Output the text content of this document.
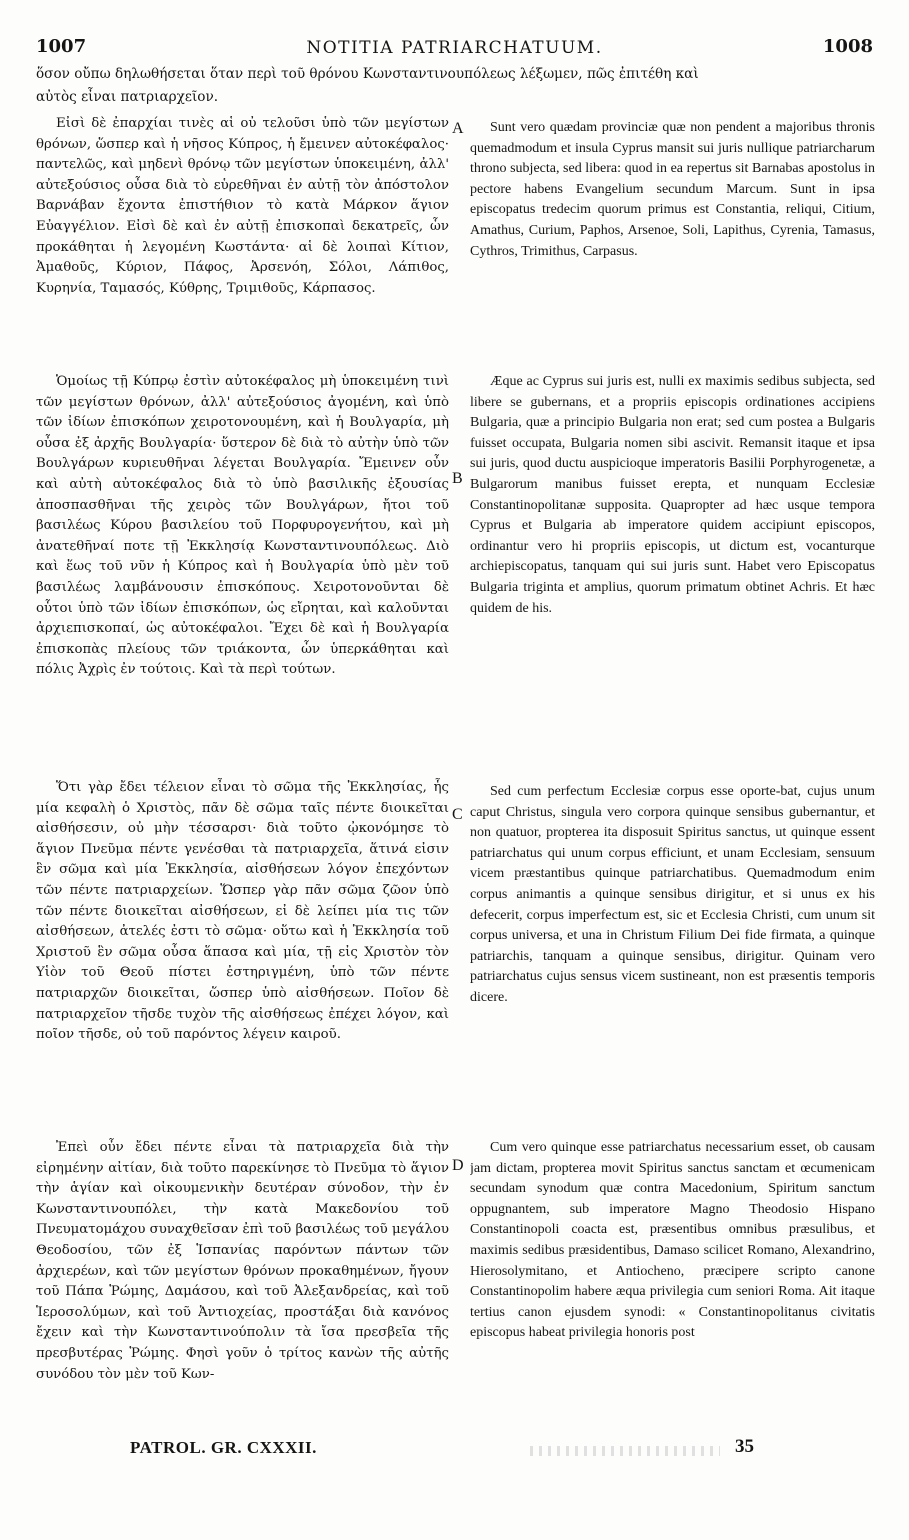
1007	NOTITIA PATRIARCHATUUM.	1008
ὅσον οὔπω δηλωθήσεται ὅταν περὶ τοῦ θρόνου Κωνσταντινουπόλεως λέξωμεν, πῶς ἐπιτέθη καὶ
αὐτὸς εἶναι πατριαρχεῖον.

Εἰσὶ δὲ ἐπαρχίαι τινὲς αἱ οὐ τελοῦσι ὑπὸ τῶν μεγίστων θρόνων, ὥσπερ καὶ ἡ νῆσος Κύπρος, ἡ ἔμεινεν αὐτοκέφαλος· παντελῶς, καὶ μηδενὶ θρόνῳ τῶν μεγίστων ὑποκειμένη, ἀλλ' αὐτεξούσιος οὖσα διὰ τὸ εὑρεθῆναι ἐν αὐτῇ τὸν ἀπόστολον Βαρνάβαν ἔχοντα ἐπιστήθιον τὸ κατὰ Μάρκον ἅγιον Εὐαγγέλιον. Εἰσὶ δὲ καὶ ἐν αὐτῇ ἐπισκοπαὶ δεκατρεῖς, ὧν προκάθηται ἡ λεγομένη Κωστάντα· αἱ δὲ λοιπαὶ Κίτιον, Ἀμαθοῦς, Κύριον, Πάφος, Ἀρσενόη, Σόλοι, Λάπιθος, Κυρηνία, Ταμασός, Κύθρης, Τριμιθοῦς, Κάρπασος.

Ὁμοίως τῇ Κύπρῳ ἐστὶν αὐτοκέφαλος μὴ ὑποκειμένη τινὶ τῶν μεγίστων θρόνων, ἀλλ' αὐτεξούσιος ἀγομένη, καὶ ὑπὸ τῶν ἰδίων ἐπισκόπων χειροτονουμένη, καὶ ἡ Βουλγαρία, μὴ οὖσα ἐξ ἀρχῆς Βουλγαρία· ὕστερον δὲ διὰ τὸ αὐτὴν ὑπὸ τῶν Βουλγάρων κυριευθῆναι λέγεται Βουλγαρία. Ἔμεινεν οὖν καὶ αὐτὴ αὐτοκέφαλος διὰ τὸ ὑπὸ βασιλικῆς ἐξουσίας ἀποσπασθῆναι τῆς χειρὸς τῶν Βουλγάρων, ἤτοι τοῦ βασιλέως Κύρου βασιλείου τοῦ Πορφυρογενήτου, καὶ μὴ ἀνατεθῆναί ποτε τῇ Ἐκκλησίᾳ Κωνσταντινουπόλεως. Διὸ καὶ ἕως τοῦ νῦν ἡ Κύπρος καὶ ἡ Βουλγαρία ὑπὸ μὲν τοῦ βασιλέως λαμβάνουσιν ἐπισκόπους. Χειροτονοῦνται δὲ οὗτοι ὑπὸ τῶν ἰδίων ἐπισκόπων, ὡς εἴρηται, καὶ καλοῦνται ἀρχιεπισκοπαί, ὡς αὐτοκέφαλοι. Ἔχει δὲ καὶ ἡ Βουλγαρία ἐπισκοπὰς πλείους τῶν τριάκοντα, ὧν ὑπερκάθηται καὶ πόλις Ἀχρὶς ἐν τούτοις. Καὶ τὰ περὶ τούτων.

Ὅτι γὰρ ἔδει τέλειον εἶναι τὸ σῶμα τῆς Ἐκκλησίας, ἧς μία κεφαλὴ ὁ Χριστὸς, πᾶν δὲ σῶμα ταῖς πέντε διοικεῖται αἰσθήσεσιν, οὐ μὴν τέσσαρσι· διὰ τοῦτο ᾠκονόμησε τὸ ἅγιον Πνεῦμα πέντε γενέσθαι τὰ πατριαρχεῖα, ἅτινά εἰσιν ἓν σῶμα καὶ μία Ἐκκλησία, αἰσθήσεων λόγον ἐπεχόντων τῶν πέντε πατριαρχείων. Ὥσπερ γὰρ πᾶν σῶμα ζῶον ὑπὸ τῶν πέντε διοικεῖται αἰσθήσεων, εἰ δὲ λείπει μία τις τῶν αἰσθήσεων, ἀτελές ἐστι τὸ σῶμα· οὕτω καὶ ἡ Ἐκκλησία τοῦ Χριστοῦ ἓν σῶμα οὖσα ἅπασα καὶ μία, τῇ εἰς Χριστὸν τὸν Υἱὸν τοῦ Θεοῦ πίστει ἐστηριγμένη, ὑπὸ τῶν πέντε πατριαρχῶν διοικεῖται, ὥσπερ ὑπὸ αἰσθήσεων. Ποῖον δὲ πατριαρχεῖον τῆσδε τυχὸν τῆς αἰσθήσεως ἐπέχει λόγον, καὶ ποῖον τῆσδε, οὐ τοῦ παρόντος λέγειν καιροῦ.

Ἐπεὶ οὖν ἔδει πέντε εἶναι τὰ πατριαρχεῖα διὰ τὴν εἰρημένην αἰτίαν, διὰ τοῦτο παρεκίνησε τὸ Πνεῦμα τὸ ἅγιον τὴν ἁγίαν καὶ οἰκουμενικὴν δευτέραν σύνοδον, τὴν ἐν Κωνσταντινουπόλει, τὴν κατὰ Μακεδονίου τοῦ Πνευματομάχου συναχθεῖσαν ἐπὶ τοῦ βασιλέως τοῦ μεγάλου Θεοδοσίου, τῶν ἐξ Ἱσπανίας παρόντων πάντων τῶν ἀρχιερέων, καὶ τῶν μεγίστων θρόνων προκαθημένων, ἤγουν τοῦ Πάπα Ῥώμης, Δαμάσου, καὶ τοῦ Ἀλεξανδρείας, καὶ τοῦ Ἱεροσολύμων, καὶ τοῦ Ἀντιοχείας, προστάξαι διὰ κανόνος ἔχειν καὶ τὴν Κωνσταντινούπολιν τὰ ἴσα πρεσβεῖα τῆς πρεσβυτέρας Ῥώμης. Φησὶ γοῦν ὁ τρίτος κανὼν τῆς αὐτῆς συνόδου τὸν μὲν τοῦ Κων-

A
B
C
D

Sunt vero quædam provinciæ quæ non pendent a majoribus thronis quemadmodum et insula Cyprus mansit sui juris nullique patriarcharum throno subjecta, sed libera: quod in ea repertus sit Barnabas apostolus in pectore habens Evangelium secundum Marcum. Sunt in ipsa episcopatus tredecim quorum primus est Constantia, reliqui, Citium, Amathus, Curium, Paphos, Arsenoe, Soli, Lapithus, Cyrenia, Tamasus, Cythros, Trimithus, Carpasus.

Æque ac Cyprus sui juris est, nulli ex maximis sedibus subjecta, sed libere se gubernans, et a propriis episcopis ordinationes accipiens Bulgaria, quæ a principio Bulgaria non erat; sed cum postea a Bulgaris fuisset occupata, Bulgaria nomen sibi ascivit. Remansit itaque et ipsa sui juris, quod ductu auspicioque imperatoris Basilii Porphyrogenetæ, a Bulgarorum manibus fuisset erepta, et nunquam Ecclesiæ Constantinopolitanæ supposita. Quapropter ad hæc usque tempora Cyprus et Bulgaria ab imperatore quidem accipiunt episcopos, ordinantur vero hi propriis episcopis, ut dictum est, vocanturque archiepiscopatus, tanquam qui sui juris sunt. Habet vero Episcopatus Bulgaria triginta et amplius, quorum primatum obtinet Achris. Et hæc quidem de his.

Sed cum perfectum Ecclesiæ corpus esse oporte-bat, cujus unum caput Christus, singula vero corpora quinque sensibus gubernantur, et non quatuor, propterea ita disposuit Spiritus sanctus, ut quinque essent patriarchatus qui unum corpus efficiunt, et unam Ecclesiam, sensuum vicem præstantibus quinque patriarchatibus. Quemadmodum enim corpus animantis a quinque sensibus dirigitur, et si unus ex his defecerit, corpus imperfectum est, sic et Ecclesia Christi, cum unum sit corpus universa, et una in Christum Filium Dei fide firmata, a quinque patriarchis, tanquam a quinque sensibus, dirigitur. Quinam vero patriarchatus cujus sensus vicem sustineant, non est præsentis temporis dicere.

Cum vero quinque esse patriarchatus necessarium esset, ob causam jam dictam, propterea movit Spiritus sanctus sanctam et œcumenicam secundam synodum quæ contra Macedonium, Spiritum sanctum oppugnantem, sub imperatore Magno Theodosio Hispano Constantinopoli coacta est, præsentibus omnibus præsulibus, et maximis sedibus præsidentibus, Damaso scilicet Romano, Alexandrino, Hierosolymitano, et Antiocheno, præcipere scripto canone Constantinopolim habere æqua privilegia cum seniori Roma. Ait itaque tertius canon ejusdem synodi: « Constantinopolitanus civitatis episcopus habeat privilegia honoris post

PATROL. GR. CXXXII.	35
